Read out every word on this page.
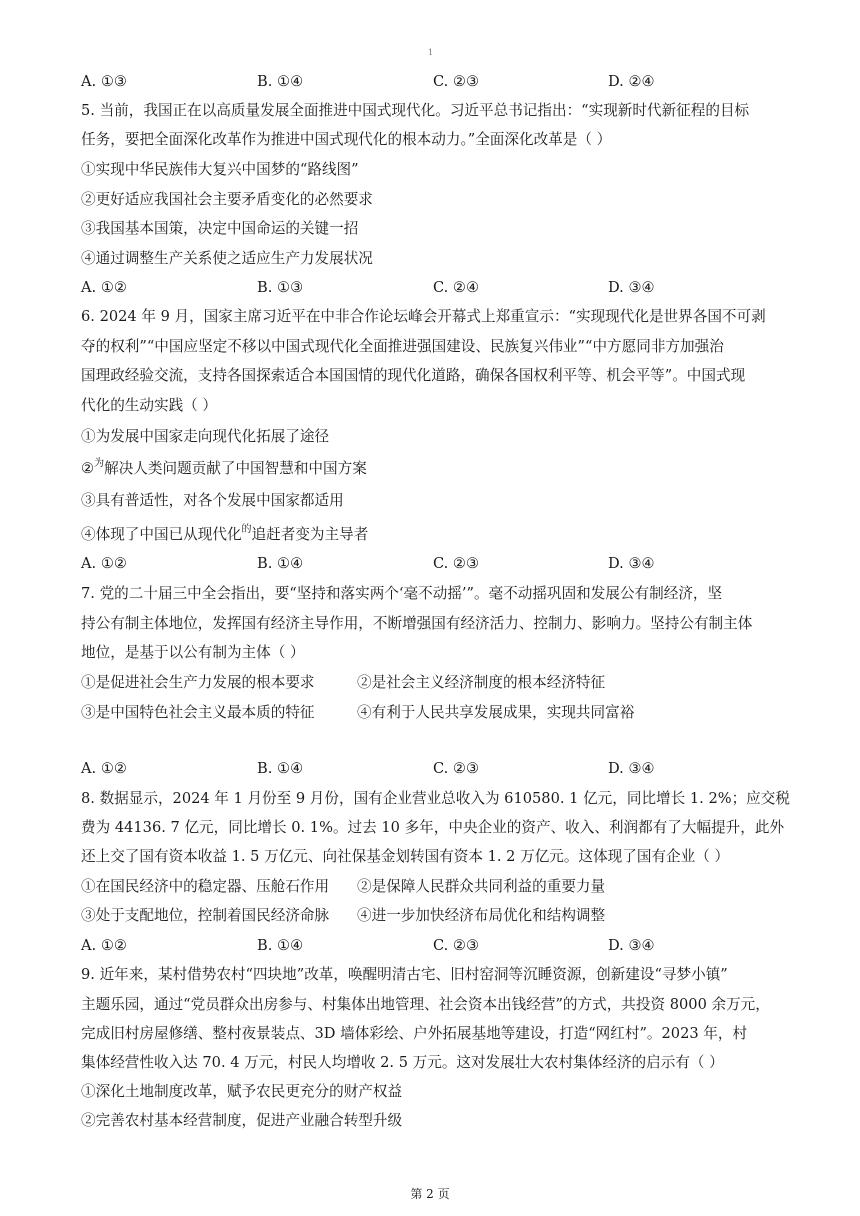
1
A. ①③	B. ①④	C. ②③	D. ②④
5. 当前，我国正在以高质量发展全面推进中国式现代化。习近平总书记指出：“实现新时代新征程的目标
任务，要把全面深化改革作为推进中国式现代化的根本动力。”全面深化改革是（ ）
①实现中华民族伟大复兴中国梦的“路线图”
②更好适应我国社会主要矛盾变化的必然要求
③我国基本国策，决定中国命运的关键一招
④通过调整生产关系使之适应生产力发展状况
A. ①②	B. ①③	C. ②④	D. ③④
6. 2024 年 9 月，国家主席习近平在中非合作论坛峰会开幕式上郑重宣示：“实现现代化是世界各国不可剥
夺的权利”“中国应坚定不移以中国式现代化全面推进强国建设、民族复兴伟业”“中方愿同非方加强治
国理政经验交流，支持各国探索适合本国国情的现代化道路，确保各国权利平等、机会平等”。中国式现
代化的生动实践（ ）
①为发展中国家走向现代化拓展了途径
②$^为$解决人类问题贡献了中国智慧和中国方案
③具有普适性，对各个发展中国家都适用
④体现了中国已从现代化$^的$追赶者变为主导者
A. ①②	B. ①④	C. ②③	D. ③④
7. 党的二十届三中全会指出，要“坚持和落实两个‘毫不动摇’”。毫不动摇巩固和发展公有制经济，坚
持公有制主体地位，发挥国有经济主导作用，不断增强国有经济活力、控制力、影响力。坚持公有制主体
地位，是基于以公有制为主体（ ）
①是促进社会生产力发展的根本要求	②是社会主义经济制度的根本经济特征
③是中国特色社会主义最本质的特征	④有利于人民共享发展成果，实现共同富裕
A. ①②	B. ①④	C. ②③	D. ③④
8. 数据显示，2024 年 1 月份至 9 月份，国有企业营业总收入为 610580. 1 亿元，同比增长 1. 2%；应交税
费为 44136. 7 亿元，同比增长 0. 1%。过去 10 多年，中央企业的资产、收入、利润都有了大幅提升，此外
还上交了国有资本收益 1. 5 万亿元、向社保基金划转国有资本 1. 2 万亿元。这体现了国有企业（ ）
①在国民经济中的稳定器、压舱石作用 ②是保障人民群众共同利益的重要力量
③处于支配地位，控制着国民经济命脉 ④进一步加快经济布局优化和结构调整
A. ①②	B. ①④	C. ②③	D. ③④
9. 近年来，某村借势农村“四块地”改革，唤醒明清古宅、旧村窑洞等沉睡资源，创新建设“寻梦小镇”
主题乐园，通过“党员群众出房参与、村集体出地管理、社会资本出钱经营”的方式，共投资 8000 余万元，
完成旧村房屋修缮、整村夜景装点、3D 墙体彩绘、户外拓展基地等建设，打造“网红村”。2023 年，村
集体经营性收入达 70. 4 万元，村民人均增收 2. 5 万元。这对发展壮大农村集体经济的启示有（ ）
①深化土地制度改革，赋予农民更充分的财产权益
②完善农村基本经营制度，促进产业融合转型升级
第 2 页
